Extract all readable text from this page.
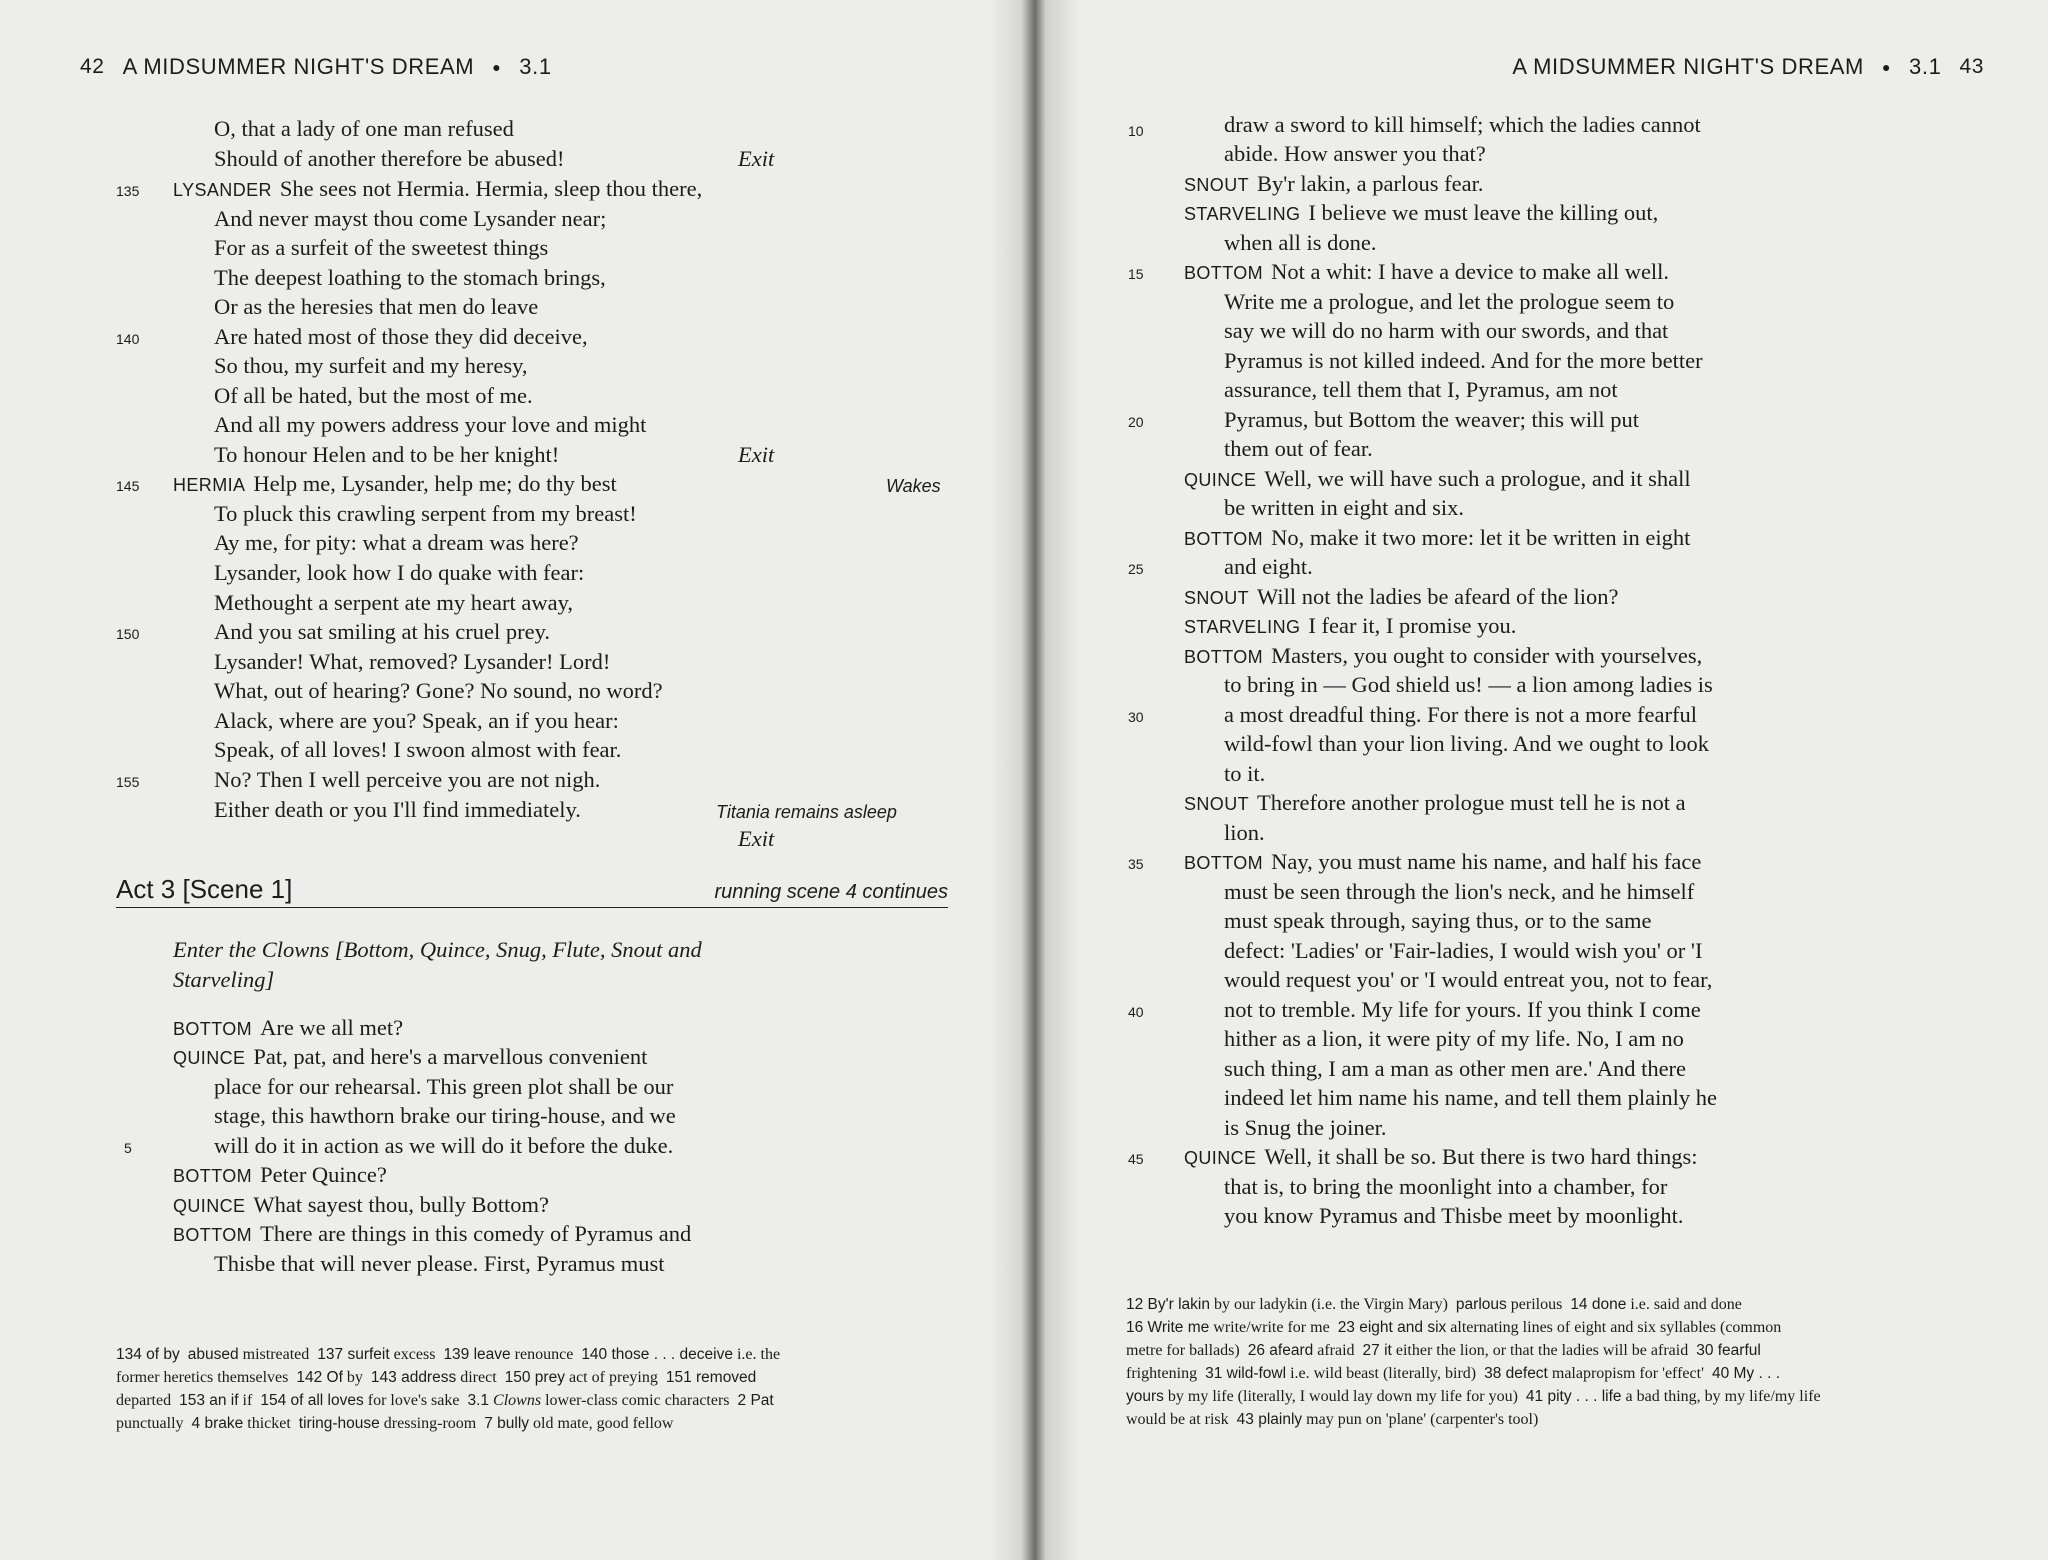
42 A MIDSUMMER NIGHT'S DREAM ● 3.1
O, that a lady of one man refused
Should of another therefore be abused!	Exit
135 LYSANDER She sees not Hermia. Hermia, sleep thou there,
And never mayst thou come Lysander near;
For as a surfeit of the sweetest things
The deepest loathing to the stomach brings,
Or as the heresies that men do leave
140	Are hated most of those they did deceive,
So thou, my surfeit and my heresy,
Of all be hated, but the most of me.
And all my powers address your love and might
To honour Helen and to be her knight!	Exit
145 HERMIA Help me, Lysander, help me; do thy best	Wakes
To pluck this crawling serpent from my breast!
Ay me, for pity: what a dream was here?
Lysander, look how I do quake with fear:
Methought a serpent ate my heart away,
150	And you sat smiling at his cruel prey.
Lysander! What, removed? Lysander! Lord!
What, out of hearing? Gone? No sound, no word?
Alack, where are you? Speak, an if you hear:
Speak, of all loves! I swoon almost with fear.
155	No? Then I well perceive you are not nigh.
Either death or you I'll find immediately.	Titania remains asleep
Exit
Act 3 [Scene 1]	running scene 4 continues
Enter the Clowns [Bottom, Quince, Snug, Flute, Snout and
Starveling]
BOTTOM Are we all met?
QUINCE Pat, pat, and here's a marvellous convenient
place for our rehearsal. This green plot shall be our
stage, this hawthorn brake our tiring-house, and we
5	will do it in action as we will do it before the duke.
BOTTOM Peter Quince?
QUINCE What sayest thou, bully Bottom?
BOTTOM There are things in this comedy of Pyramus and
Thisbe that will never please. First, Pyramus must
134 of by abused mistreated 137 surfeit excess 139 leave renounce 140 those . . . deceive i.e. the
former heretics themselves 142 Of by 143 address direct 150 prey act of preying 151 removed
departed 153 an if if 154 of all loves for love's sake 3.1 Clowns lower-class comic characters 2 Pat
punctually 4 brake thicket tiring-house dressing-room 7 bully old mate, good fellow
A MIDSUMMER NIGHT'S DREAM ● 3.1 43
10	draw a sword to kill himself; which the ladies cannot
abide. How answer you that?
SNOUT By'r lakin, a parlous fear.
STARVELING I believe we must leave the killing out,
when all is done.
15 BOTTOM Not a whit: I have a device to make all well.
Write me a prologue, and let the prologue seem to
say we will do no harm with our swords, and that
Pyramus is not killed indeed. And for the more better
assurance, tell them that I, Pyramus, am not
20	Pyramus, but Bottom the weaver; this will put
them out of fear.
QUINCE Well, we will have such a prologue, and it shall
be written in eight and six.
BOTTOM No, make it two more: let it be written in eight
25	and eight.
SNOUT Will not the ladies be afeard of the lion?
STARVELING I fear it, I promise you.
BOTTOM Masters, you ought to consider with yourselves,
to bring in — God shield us! — a lion among ladies is
30	a most dreadful thing. For there is not a more fearful
wild-fowl than your lion living. And we ought to look
to it.
SNOUT Therefore another prologue must tell he is not a
lion.
35 BOTTOM Nay, you must name his name, and half his face
must be seen through the lion's neck, and he himself
must speak through, saying thus, or to the same
defect: 'Ladies' or 'Fair-ladies, I would wish you' or 'I
would request you' or 'I would entreat you, not to fear,
40	not to tremble. My life for yours. If you think I come
hither as a lion, it were pity of my life. No, I am no
such thing, I am a man as other men are.' And there
indeed let him name his name, and tell them plainly he
is Snug the joiner.
45 QUINCE Well, it shall be so. But there is two hard things:
that is, to bring the moonlight into a chamber, for
you know Pyramus and Thisbe meet by moonlight.
12 By'r lakin by our ladykin (i.e. the Virgin Mary) parlous perilous 14 done i.e. said and done
16 Write me write/write for me 23 eight and six alternating lines of eight and six syllables (common
metre for ballads) 26 afeard afraid 27 it either the lion, or that the ladies will be afraid 30 fearful
frightening 31 wild-fowl i.e. wild beast (literally, bird) 38 defect malapropism for 'effect' 40 My . . .
yours by my life (literally, I would lay down my life for you) 41 pity . . . life a bad thing, by my life/my life
would be at risk 43 plainly may pun on 'plane' (carpenter's tool)
